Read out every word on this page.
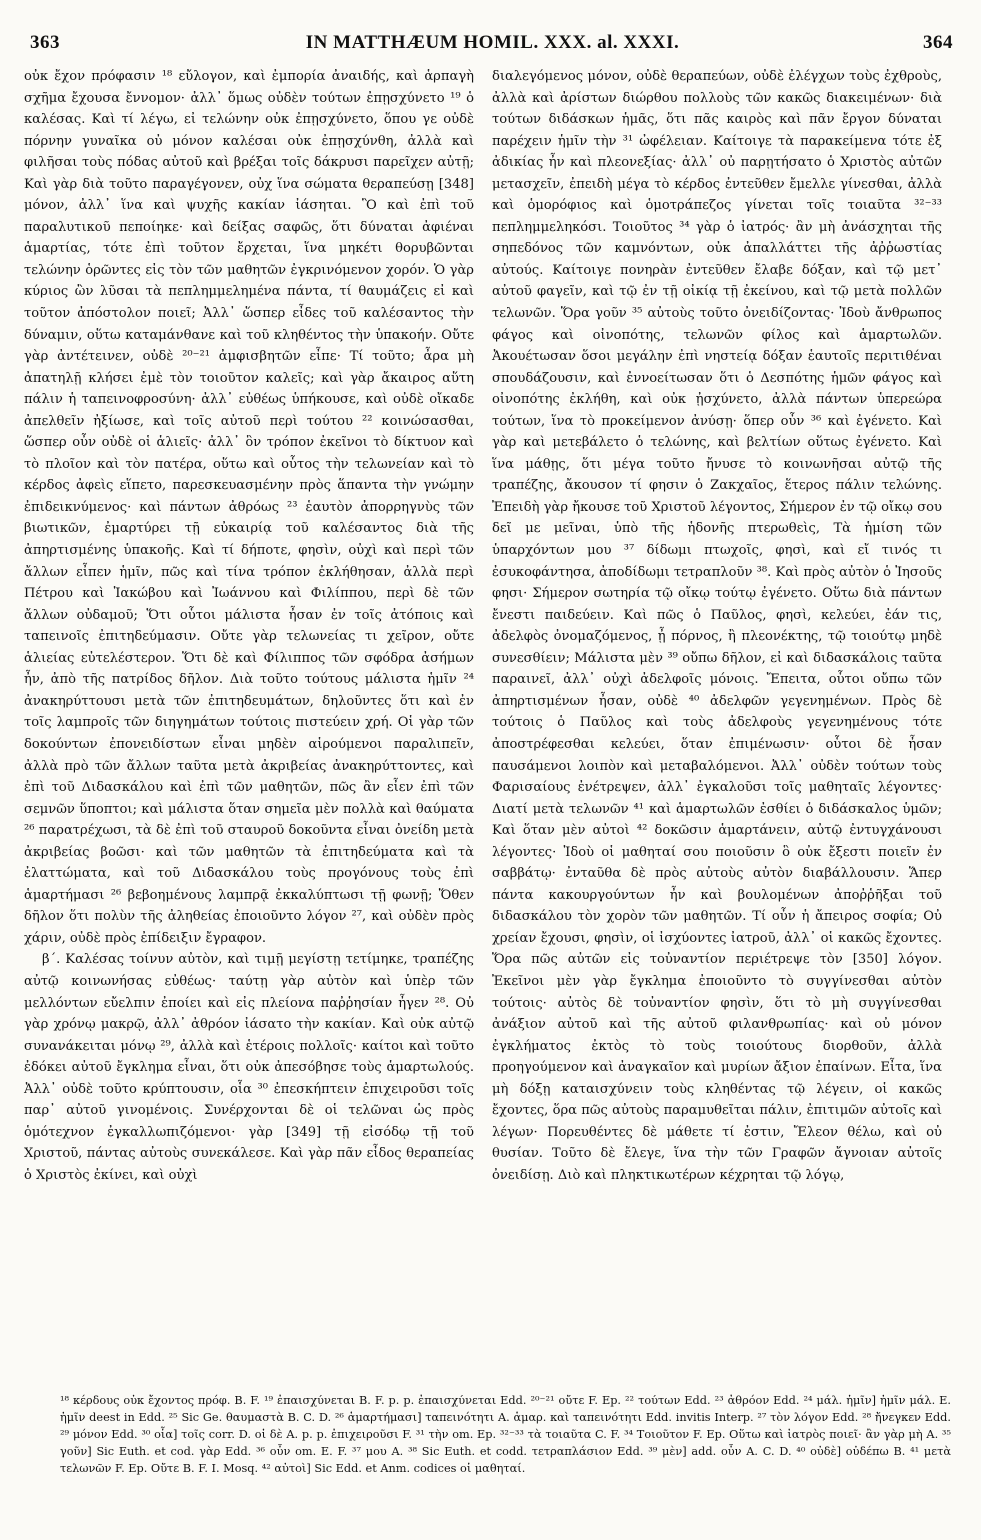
363	IN MATTHÆUM HOMIL. XXX. al. XXXI.	364

οὐκ ἔχον πρόφασιν ¹⁸ εὔλογον, καὶ ἐμπορία ἀναιδής, καὶ ἁρπαγὴ σχῆμα ἔχουσα ἔννομον· ἀλλ᾽ ὅμως οὐδὲν τούτων ἐπῃσχύνετο ¹⁹ ὁ καλέσας. Καὶ τί λέγω, εἰ τελώνην οὐκ ἐπῃσχύνετο, ὅπου γε οὐδὲ πόρνην γυναῖκα οὐ μόνον καλέσαι οὐκ ἐπῃσχύνθη, ἀλλὰ καὶ φιλῆσαι τοὺς πόδας αὐτοῦ καὶ βρέξαι τοῖς δάκρυσι παρεῖχεν αὐτῇ; Καὶ γὰρ διὰ τοῦτο παραγέγονεν, οὐχ ἵνα σώματα θεραπεύσῃ [348] μόνον, ἀλλ᾽ ἵνα καὶ ψυχῆς κακίαν ἰάσηται. Ὃ καὶ ἐπὶ τοῦ παραλυτικοῦ πεποίηκε· καὶ δείξας σαφῶς, ὅτι δύναται ἀφιέναι ἁμαρτίας, τότε ἐπὶ τοῦτον ἔρχεται, ἵνα μηκέτι θορυβῶνται τελώνην ὁρῶντες εἰς τὸν τῶν μαθητῶν ἐγκρινόμενον χορόν. Ὁ γὰρ κύριος ὢν λῦσαι τὰ πεπλημμελημένα πάντα, τί θαυμάζεις εἰ καὶ τοῦτον ἀπόστολον ποιεῖ; Ἀλλ᾽ ὥσπερ εἶδες τοῦ καλέσαντος τὴν δύναμιν, οὕτω καταμάνθανε καὶ τοῦ κληθέντος τὴν ὑπακοήν. Οὔτε γὰρ ἀντέτεινεν, οὐδὲ ²⁰⁻²¹ ἀμφισβητῶν εἶπε· Τί τοῦτο; ἆρα μὴ ἀπατηλῇ κλήσει ἐμὲ τὸν τοιοῦτον καλεῖς; καὶ γὰρ ἄκαιρος αὕτη πάλιν ἡ ταπεινοφροσύνη· ἀλλ᾽ εὐθέως ὑπήκουσε, καὶ οὐδὲ οἴκαδε ἀπελθεῖν ἠξίωσε, καὶ τοῖς αὐτοῦ περὶ τούτου ²² κοινώσασθαι, ὥσπερ οὖν οὐδὲ οἱ ἁλιεῖς· ἀλλ᾽ ὃν τρόπον ἐκεῖνοι τὸ δίκτυον καὶ τὸ πλοῖον καὶ τὸν πατέρα, οὕτω καὶ οὗτος τὴν τελωνείαν καὶ τὸ κέρδος ἀφεὶς εἵπετο, παρεσκευασμένην πρὸς ἅπαντα τὴν γνώμην ἐπιδεικνύμενος· καὶ πάντων ἀθρόως ²³ ἑαυτὸν ἀπορρηγνὺς τῶν βιωτικῶν, ἐμαρτύρει τῇ εὐκαιρίᾳ τοῦ καλέσαντος διὰ τῆς ἀπηρτισμένης ὑπακοῆς. Καὶ τί δήποτε, φησὶν, οὐχὶ καὶ περὶ τῶν ἄλλων εἶπεν ἡμῖν, πῶς καὶ τίνα τρόπον ἐκλήθησαν, ἀλλὰ περὶ Πέτρου καὶ Ἰακώβου καὶ Ἰωάννου καὶ Φιλίππου, περὶ δὲ τῶν ἄλλων οὐδαμοῦ; Ὅτι οὗτοι μάλιστα ἦσαν ἐν τοῖς ἀτόποις καὶ ταπεινοῖς ἐπιτηδεύμασιν. Οὔτε γὰρ τελωνείας τι χεῖρον, οὔτε ἁλιείας εὐτελέστερον. Ὅτι δὲ καὶ Φίλιππος τῶν σφόδρα ἀσήμων ἦν, ἀπὸ τῆς πατρίδος δῆλον. Διὰ τοῦτο τούτους μάλιστα ἡμῖν ²⁴ ἀνακηρύττουσι μετὰ τῶν ἐπιτηδευμάτων, δηλοῦντες ὅτι καὶ ἐν τοῖς λαμπροῖς τῶν διηγημάτων τούτοις πιστεύειν χρή. Οἱ γὰρ τῶν δοκούντων ἐπονειδίστων εἶναι μηδὲν αἱρούμενοι παραλιπεῖν, ἀλλὰ πρὸ τῶν ἄλλων ταῦτα μετὰ ἀκριβείας ἀνακηρύττοντες, καὶ ἐπὶ τοῦ Διδασκάλου καὶ ἐπὶ τῶν μαθητῶν, πῶς ἂν εἶεν ἐπὶ τῶν σεμνῶν ὕποπτοι; καὶ μάλιστα ὅταν σημεῖα μὲν πολλὰ καὶ θαύματα ²⁶ παρατρέχωσι, τὰ δὲ ἐπὶ τοῦ σταυροῦ δοκοῦντα εἶναι ὀνείδη μετὰ ἀκριβείας βοῶσι· καὶ τῶν μαθητῶν τὰ ἐπιτηδεύματα καὶ τὰ ἐλαττώματα, καὶ τοῦ Διδασκάλου τοὺς προγόνους τοὺς ἐπὶ ἁμαρτήμασι ²⁶ βεβοημένους λαμπρᾷ ἐκκαλύπτωσι τῇ φωνῇ; Ὅθεν δῆλον ὅτι πολὺν τῆς ἀληθείας ἐποιοῦντο λόγον ²⁷, καὶ οὐδὲν πρὸς χάριν, οὐδὲ πρὸς ἐπίδειξιν ἔγραφον.

β΄. Καλέσας τοίνυν αὐτὸν, καὶ τιμῇ μεγίστῃ τετίμηκε, τραπέζης αὐτῷ κοινωνήσας εὐθέως· ταύτῃ γὰρ αὐτὸν καὶ ὑπὲρ τῶν μελλόντων εὔελπιν ἐποίει καὶ εἰς πλείονα παῤῥησίαν ἦγεν ²⁸. Οὐ γὰρ χρόνῳ μακρῷ, ἀλλ᾽ ἀθρόον ἰάσατο τὴν κακίαν. Καὶ οὐκ αὐτῷ συνανάκειται μόνῳ ²⁹, ἀλλὰ καὶ ἑτέροις πολλοῖς· καίτοι καὶ τοῦτο ἐδόκει αὐτοῦ ἔγκλημα εἶναι, ὅτι οὐκ ἀπεσόβησε τοὺς ἁμαρτωλούς. Ἀλλ᾽ οὐδὲ τοῦτο κρύπτουσιν, οἷα ³⁰ ἐπεσκήπτειν ἐπιχειροῦσι τοῖς παρ᾽ αὐτοῦ γινομένοις. Συνέρχονται δὲ οἱ τελῶναι ὡς πρὸς ὁμότεχνον ἐγκαλλωπιζόμενοι· γὰρ [349] τῇ εἰσόδῳ τῇ τοῦ Χριστοῦ, πάντας αὐτοὺς συνεκάλεσε. Καὶ γὰρ πᾶν εἶδος θεραπείας ὁ Χριστὸς ἐκίνει, καὶ οὐχὶ

διαλεγόμενος μόνον, οὐδὲ θεραπεύων, οὐδὲ ἐλέγχων τοὺς ἐχθροὺς, ἀλλὰ καὶ ἀρίστων διώρθου πολλοὺς τῶν κακῶς διακειμένων· διὰ τούτων διδάσκων ἡμᾶς, ὅτι πᾶς καιρὸς καὶ πᾶν ἔργον δύναται παρέχειν ἡμῖν τὴν ³¹ ὠφέλειαν. Καίτοιγε τὰ παρακείμενα τότε ἐξ ἀδικίας ἦν καὶ πλεονεξίας· ἀλλ᾽ οὐ παρῃτήσατο ὁ Χριστὸς αὐτῶν μετασχεῖν, ἐπειδὴ μέγα τὸ κέρδος ἐντεῦθεν ἔμελλε γίνεσθαι, ἀλλὰ καὶ ὁμορόφιος καὶ ὁμοτράπεζος γίνεται τοῖς τοιαῦτα ³²⁻³³ πεπλημμεληκόσι. Τοιοῦτος ³⁴ γὰρ ὁ ἰατρός· ἂν μὴ ἀνάσχηται τῆς σηπεδόνος τῶν καμνόντων, οὐκ ἀπαλλάττει τῆς ἀῤῥωστίας αὐτούς. Καίτοιγε πονηρὰν ἐντεῦθεν ἔλαβε δόξαν, καὶ τῷ μετ᾽ αὐτοῦ φαγεῖν, καὶ τῷ ἐν τῇ οἰκίᾳ τῇ ἐκείνου, καὶ τῷ μετὰ πολλῶν τελωνῶν. Ὅρα γοῦν ³⁵ αὐτοὺς τοῦτο ὀνειδίζοντας· Ἰδοὺ ἄνθρωπος φάγος καὶ οἰνοπότης, τελωνῶν φίλος καὶ ἁμαρτωλῶν. Ἀκουέτωσαν ὅσοι μεγάλην ἐπὶ νηστείᾳ δόξαν ἑαυτοῖς περιτιθέναι σπουδάζουσιν, καὶ ἐννοείτωσαν ὅτι ὁ Δεσπότης ἡμῶν φάγος καὶ οἰνοπότης ἐκλήθη, καὶ οὐκ ᾐσχύνετο, ἀλλὰ πάντων ὑπερεώρα τούτων, ἵνα τὸ προκείμενον ἀνύσῃ· ὅπερ οὖν ³⁶ καὶ ἐγένετο. Καὶ γὰρ καὶ μετεβάλετο ὁ τελώνης, καὶ βελτίων οὕτως ἐγένετο. Καὶ ἵνα μάθῃς, ὅτι μέγα τοῦτο ἤνυσε τὸ κοινωνῆσαι αὐτῷ τῆς τραπέζης, ἄκουσον τί φησιν ὁ Ζακχαῖος, ἕτερος πάλιν τελώνης. Ἐπειδὴ γὰρ ἤκουσε τοῦ Χριστοῦ λέγοντος, Σήμερον ἐν τῷ οἴκῳ σου δεῖ με μεῖναι, ὑπὸ τῆς ἡδονῆς πτερωθεὶς, Τὰ ἡμίση τῶν ὑπαρχόντων μου ³⁷ δίδωμι πτωχοῖς, φησὶ, καὶ εἴ τινός τι ἐσυκοφάντησα, ἀποδίδωμι τετραπλοῦν ³⁸. Καὶ πρὸς αὐτὸν ὁ Ἰησοῦς φησι· Σήμερον σωτηρία τῷ οἴκῳ τούτῳ ἐγένετο. Οὕτω διὰ πάντων ἔνεστι παιδεύειν. Καὶ πῶς ὁ Παῦλος, φησὶ, κελεύει, ἐάν τις, ἀδελφὸς ὀνομαζόμενος, ᾖ πόρνος, ἢ πλεονέκτης, τῷ τοιούτῳ μηδὲ συνεσθίειν; Μάλιστα μὲν ³⁹ οὔπω δῆλον, εἰ καὶ διδασκάλοις ταῦτα παραινεῖ, ἀλλ᾽ οὐχὶ ἀδελφοῖς μόνοις. Ἔπειτα, οὗτοι οὔπω τῶν ἀπηρτισμένων ἦσαν, οὐδὲ ⁴⁰ ἀδελφῶν γεγενημένων. Πρὸς δὲ τούτοις ὁ Παῦλος καὶ τοὺς ἀδελφοὺς γεγενημένους τότε ἀποστρέφεσθαι κελεύει, ὅταν ἐπιμένωσιν· οὗτοι δὲ ἦσαν παυσάμενοι λοιπὸν καὶ μεταβαλόμενοι. Ἀλλ᾽ οὐδὲν τούτων τοὺς Φαρισαίους ἐνέτρεψεν, ἀλλ᾽ ἐγκαλοῦσι τοῖς μαθηταῖς λέγοντες· Διατί μετὰ τελωνῶν ⁴¹ καὶ ἁμαρτωλῶν ἐσθίει ὁ διδάσκαλος ὑμῶν; Καὶ ὅταν μὲν αὐτοὶ ⁴² δοκῶσιν ἁμαρτάνειν, αὐτῷ ἐντυγχάνουσι λέγοντες· Ἰδοὺ οἱ μαθηταί σου ποιοῦσιν ὃ οὐκ ἔξεστι ποιεῖν ἐν σαββάτῳ· ἐνταῦθα δὲ πρὸς αὐτοὺς αὐτὸν διαβάλλουσιν. Ἅπερ πάντα κακουργούντων ἦν καὶ βουλομένων ἀποῤῥῆξαι τοῦ διδασκάλου τὸν χορὸν τῶν μαθητῶν. Τί οὖν ἡ ἄπειρος σοφία; Οὐ χρείαν ἔχουσι, φησὶν, οἱ ἰσχύοντες ἰατροῦ, ἀλλ᾽ οἱ κακῶς ἔχοντες. Ὅρα πῶς αὐτῶν εἰς τοὐναντίον περιέτρεψε τὸν [350] λόγον. Ἐκεῖνοι μὲν γὰρ ἔγκλημα ἐποιοῦντο τὸ συγγίνεσθαι αὐτὸν τούτοις· αὐτὸς δὲ τοὐναντίον φησὶν, ὅτι τὸ μὴ συγγίνεσθαι ἀνάξιον αὐτοῦ καὶ τῆς αὐτοῦ φιλανθρωπίας· καὶ οὐ μόνον ἐγκλήματος ἐκτὸς τὸ τοὺς τοιούτους διορθοῦν, ἀλλὰ προηγούμενον καὶ ἀναγκαῖον καὶ μυρίων ἄξιον ἐπαίνων. Εἶτα, ἵνα μὴ δόξῃ καταισχύνειν τοὺς κληθέντας τῷ λέγειν, οἱ κακῶς ἔχοντες, ὅρα πῶς αὐτοὺς παραμυθεῖται πάλιν, ἐπιτιμῶν αὐτοῖς καὶ λέγων· Πορευθέντες δὲ μάθετε τί ἐστιν, Ἔλεον θέλω, καὶ οὐ θυσίαν. Τοῦτο δὲ ἔλεγε, ἵνα τὴν τῶν Γραφῶν ἄγνοιαν αὐτοῖς ὀνειδίσῃ. Διὸ καὶ πληκτικωτέρων κέχρηται τῷ λόγῳ,

¹⁸ κέρδους οὐκ ἔχοντος πρόφ. B. F. ¹⁹ ἐπαισχύνεται B. F. p. p. ἐπαισχύνεται Edd. ²⁰⁻²¹ οὔτε F. Ep. ²² τούτων Edd. ²³ ἀθρόον Edd. ²⁴ μάλ. ἡμῖν] ἡμῖν μάλ. E. ἡμῖν deest in Edd. ²⁵ Sic Ge. θαυμαστὰ B. C. D. ²⁶ ἁμαρτήμασι] ταπεινότητι A. ἁμαρ. καὶ ταπεινότητι Edd. invitis Interp. ²⁷ τὸν λόγον Edd. ²⁸ ἤνεγκεν Edd. ²⁹ μόνον Edd. ³⁰ οἷα] τοῖς corr. D. οἱ δὲ A. p. p. ἐπιχειροῦσι F. ³¹ τὴν om. Ep. ³²⁻³³ τὰ τοιαῦτα C. F. ³⁴ Τοιοῦτον F. Ep. Οὕτω καὶ ἰατρὸς ποιεῖ· ἂν γὰρ μὴ A. ³⁵ γοῦν] Sic Euth. et cod. γὰρ Edd. ³⁶ οὖν om. E. F. ³⁷ μου A. ³⁸ Sic Euth. et codd. τετραπλάσιον Edd. ³⁹ μὲν] add. οὖν A. C. D. ⁴⁰ οὐδὲ] οὐδέπω B. ⁴¹ μετὰ τελωνῶν F. Ep. Οὔτε B. F. I. Mosq. ⁴² αὐτοὶ] Sic Edd. et Anm. codices οἱ μαθηταί.
